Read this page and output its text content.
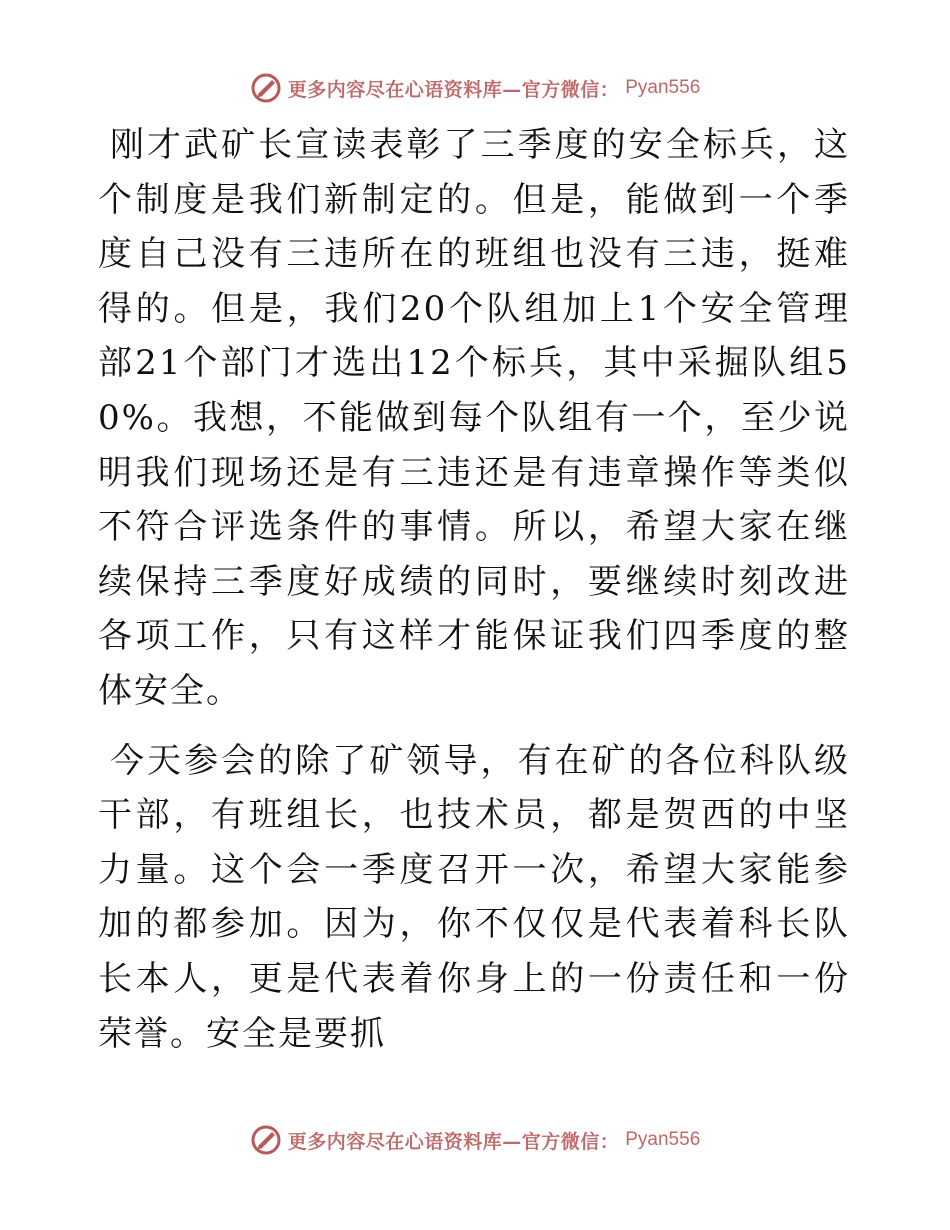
更多内容尽在心语资料库—官方微信： Pyan556

刚才武矿长宣读表彰了三季度的安全标兵，这个制度是我们新制定的。但是，能做到一个季度自己没有三违所在的班组也没有三违，挺难得的。但是，我们20个队组加上1个安全管理部21个部门才选出12个标兵，其中采掘队组50%。我想，不能做到每个队组有一个，至少说明我们现场还是有三违还是有违章操作等类似不符合评选条件的事情。所以，希望大家在继续保持三季度好成绩的同时，要继续时刻改进各项工作，只有这样才能保证我们四季度的整体安全。

今天参会的除了矿领导，有在矿的各位科队级干部，有班组长，也技术员，都是贺西的中坚力量。这个会一季度召开一次，希望大家能参加的都参加。因为，你不仅仅是代表着科长队长本人，更是代表着你身上的一份责任和一份荣誉。安全是要抓

更多内容尽在心语资料库—官方微信： Pyan556
